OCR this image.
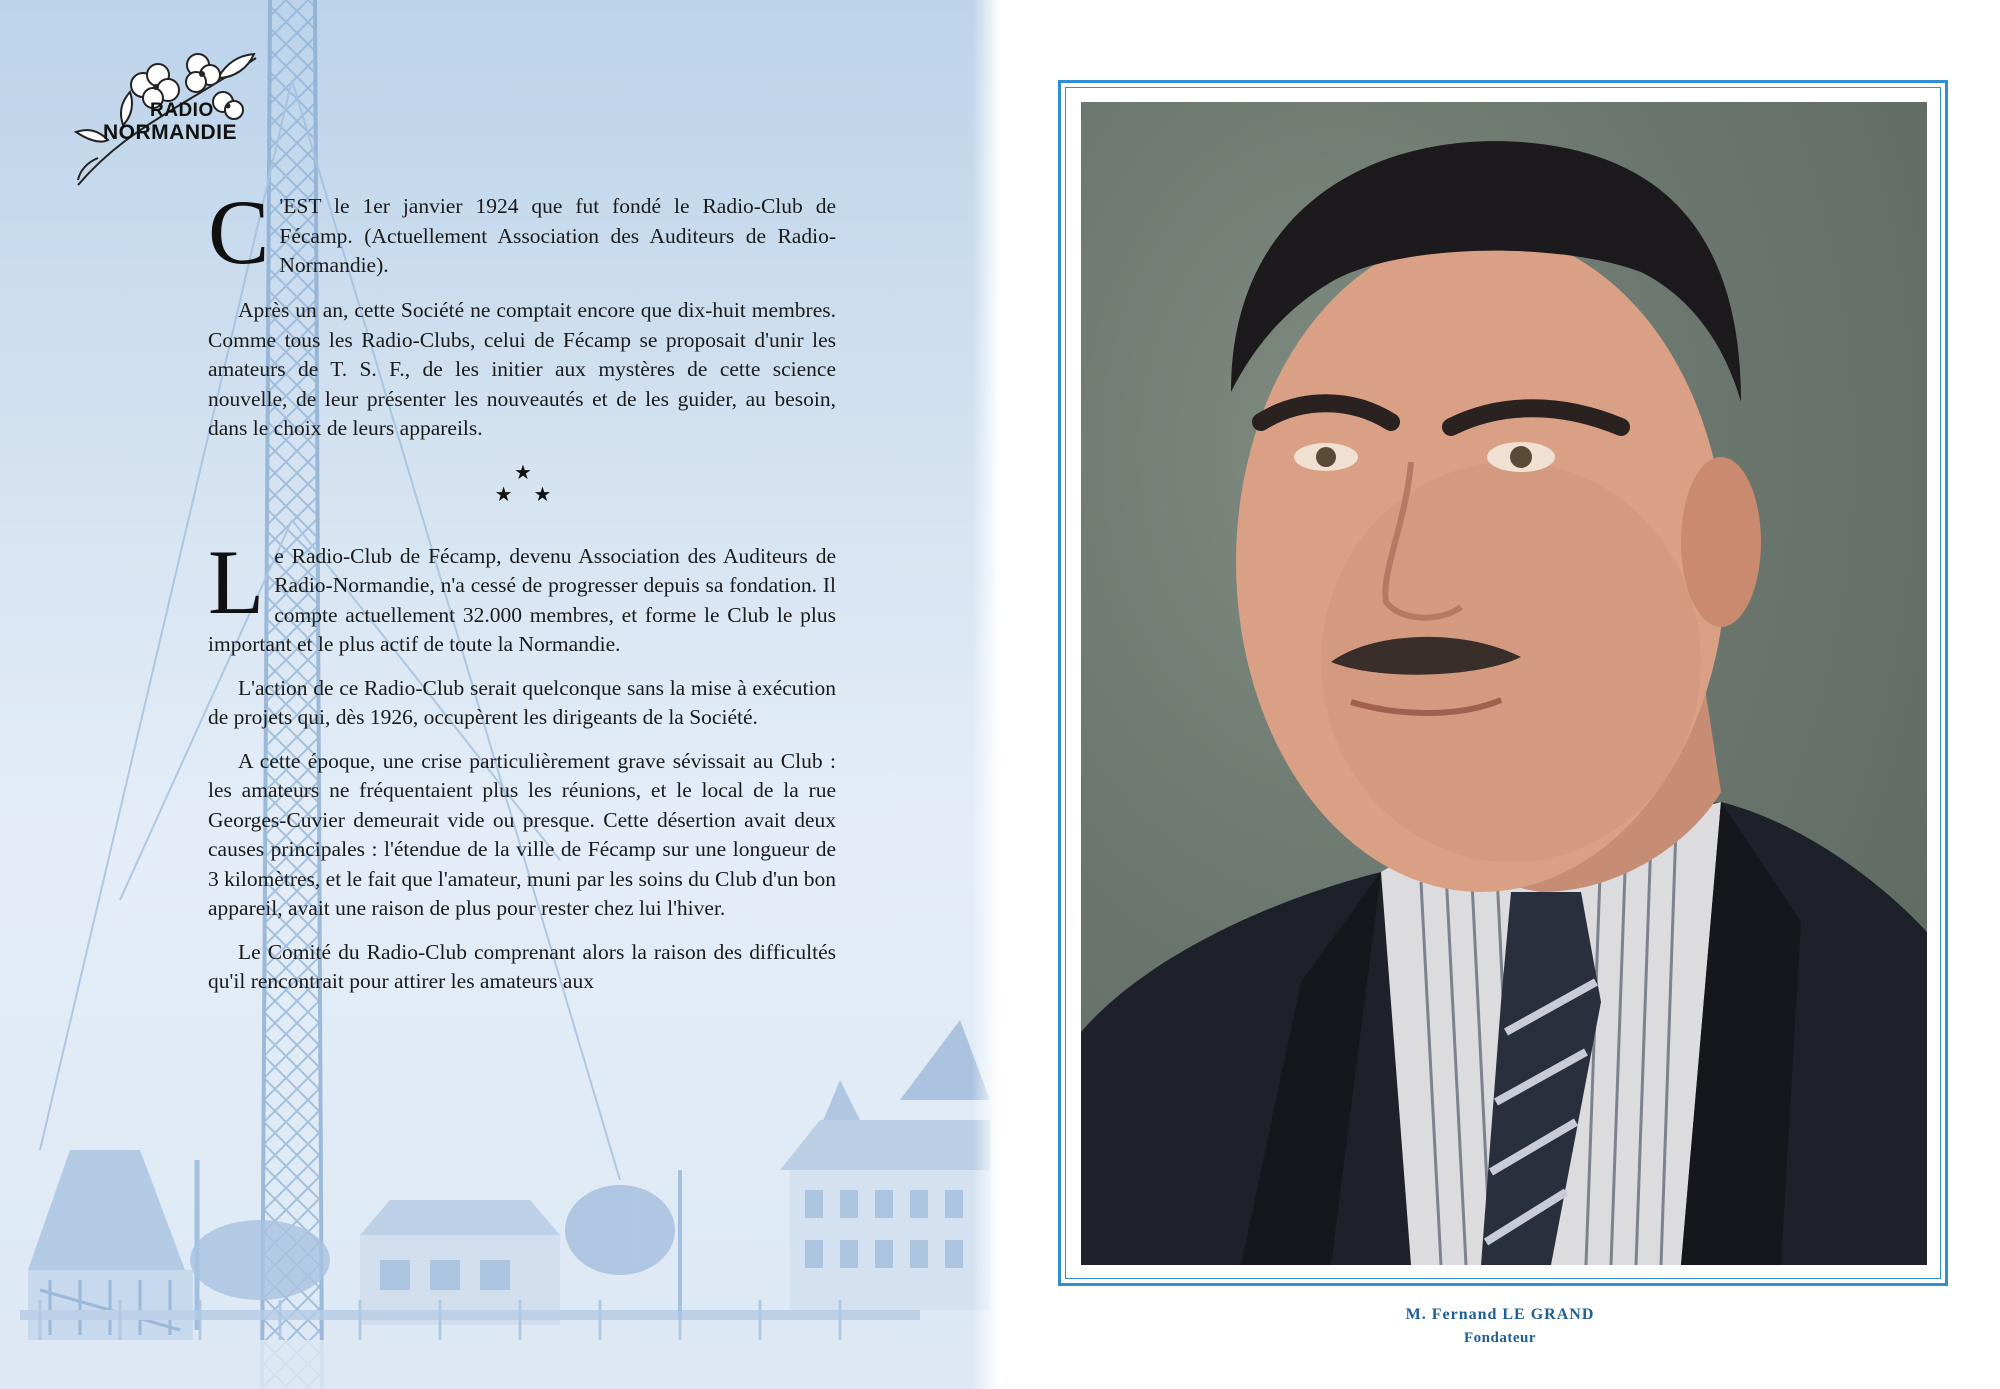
RADIO
NORMANDIE

C 'EST le 1er janvier 1924 que fut fondé le Radio-Club de Fécamp. (Actuellement Association des Auditeurs de Radio-Normandie).

Après un an, cette Société ne comptait encore que dix-huit membres. Comme tous les Radio-Clubs, celui de Fécamp se proposait d'unir les amateurs de T. S. F., de les initier aux mystères de cette science nouvelle, de leur présenter les nouveautés et de les guider, au besoin, dans le choix de leurs appareils.

★
★ ★

L e Radio-Club de Fécamp, devenu Association des Auditeurs de Radio-Normandie, n'a cessé de progresser depuis sa fondation. Il compte actuellement 32.000 membres, et forme le Club le plus important et le plus actif de toute la Normandie.

L'action de ce Radio-Club serait quelconque sans la mise à exécution de projets qui, dès 1926, occupèrent les dirigeants de la Société.

A cette époque, une crise particulièrement grave sévissait au Club : les amateurs ne fréquentaient plus les réunions, et le local de la rue Georges-Cuvier demeurait vide ou presque. Cette désertion avait deux causes principales : l'étendue de la ville de Fécamp sur une longueur de 3 kilomètres, et le fait que l'amateur, muni par les soins du Club d'un bon appareil, avait une raison de plus pour rester chez lui l'hiver.

Le Comité du Radio-Club comprenant alors la raison des difficultés qu'il rencontrait pour attirer les amateurs aux

M. Fernand LE GRAND
Fondateur
